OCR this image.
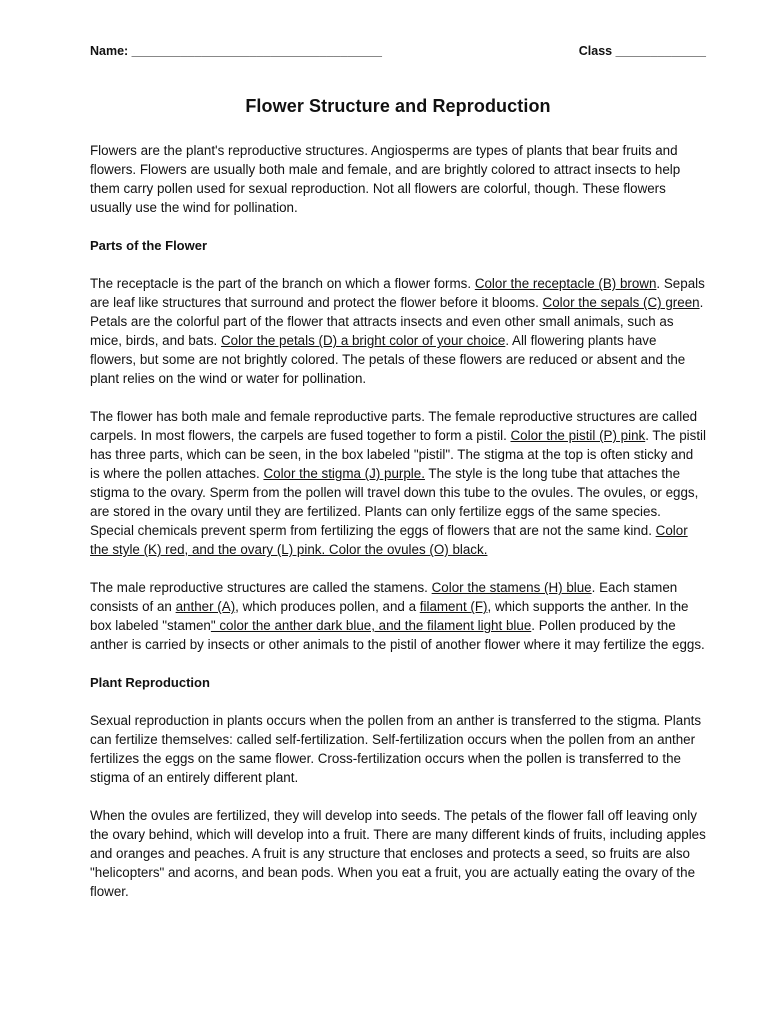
Name: ____________________________________	Class _____________
Flower Structure and Reproduction

Flowers are the plant's reproductive structures. Angiosperms are types of plants that bear fruits and flowers. Flowers are usually both male and female, and are brightly colored to attract insects to help them carry pollen used for sexual reproduction. Not all flowers are colorful, though. These flowers usually use the wind for pollination.

Parts of the Flower

The receptacle is the part of the branch on which a flower forms. Color the receptacle (B) brown. Sepals are leaf like structures that surround and protect the flower before it blooms. Color the sepals (C) green. Petals are the colorful part of the flower that attracts insects and even other small animals, such as mice, birds, and bats. Color the petals (D) a bright color of your choice. All flowering plants have flowers, but some are not brightly colored. The petals of these flowers are reduced or absent and the plant relies on the wind or water for pollination.

The flower has both male and female reproductive parts. The female reproductive structures are called carpels. In most flowers, the carpels are fused together to form a pistil. Color the pistil (P) pink. The pistil has three parts, which can be seen, in the box labeled "pistil". The stigma at the top is often sticky and is where the pollen attaches. Color the stigma (J) purple. The style is the long tube that attaches the stigma to the ovary. Sperm from the pollen will travel down this tube to the ovules. The ovules, or eggs, are stored in the ovary until they are fertilized. Plants can only fertilize eggs of the same species. Special chemicals prevent sperm from fertilizing the eggs of flowers that are not the same kind. Color the style (K) red, and the ovary (L) pink. Color the ovules (O) black.

The male reproductive structures are called the stamens. Color the stamens (H) blue. Each stamen consists of an anther (A), which produces pollen, and a filament (F), which supports the anther. In the box labeled "stamen" color the anther dark blue, and the filament light blue. Pollen produced by the anther is carried by insects or other animals to the pistil of another flower where it may fertilize the eggs.

Plant Reproduction

Sexual reproduction in plants occurs when the pollen from an anther is transferred to the stigma. Plants can fertilize themselves: called self-fertilization. Self-fertilization occurs when the pollen from an anther fertilizes the eggs on the same flower. Cross-fertilization occurs when the pollen is transferred to the stigma of an entirely different plant.

When the ovules are fertilized, they will develop into seeds. The petals of the flower fall off leaving only the ovary behind, which will develop into a fruit. There are many different kinds of fruits, including apples and oranges and peaches. A fruit is any structure that encloses and protects a seed, so fruits are also "helicopters" and acorns, and bean pods. When you eat a fruit, you are actually eating the ovary of the flower.
